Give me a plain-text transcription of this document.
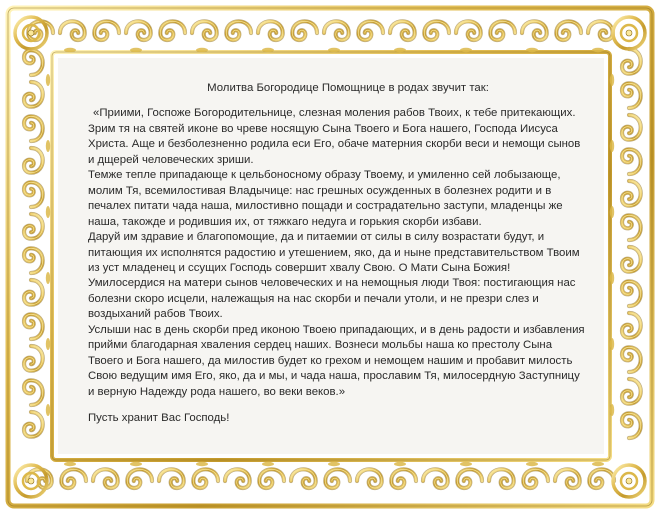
Молитва Богородице Помощнице в родах звучит так:

«Приими, Госпоже Богородительнице, слезная моления рабов Твоих, к тебе притекающих. Зрим тя на святей иконе во чреве носящую Сына Твоего и Бога нашего, Господа Иисуса Христа. Аще и безболезненно родила еси Его, обаче матерния скорби веси и немощи сынов и дщерей человеческих зриши.

Темже тепле припадающе к цельбоносному образу Твоему, и умиленно сей лобызающе, молим Тя, всемилостивая Владычице: нас грешных осужденных в болезнех родити и в печалех питати чада наша, милостивно пощади и сострадательно заступи, младенцы же наша, такожде и родившия их, от тяжкаго недуга и горькия скорби избави.

Даруй им здравие и благопомощие, да и питаемии от силы в силу возрастати будут, и питающия их исполнятся радостию и утешением, яко, да и ныне представительством Твоим из уст младенец и ссущих Господь совершит хвалу Свою. О Мати Сына Божия!

Умилосердися на матери сынов человеческих и на немощныя люди Твоя: постигающия нас болезни скоро исцели, належащыя на нас скорби и печали утоли, и не презри слез и воздыханий рабов Твоих.

Услыши нас в день скорби пред иконою Твоею припадающих, и в день радости и избавления прийми благодарная хваления сердец наших. Вознеси мольбы наша ко престолу Сына Твоего и Бога нашего, да милостив будет ко грехом и немощем нашим и пробавит милость Свою ведущим имя Его, яко, да и мы, и чада наша, прославим Тя, милосердную Заступницу и верную Надежду рода нашего, во веки веков.»

Пусть хранит Вас Господь!
